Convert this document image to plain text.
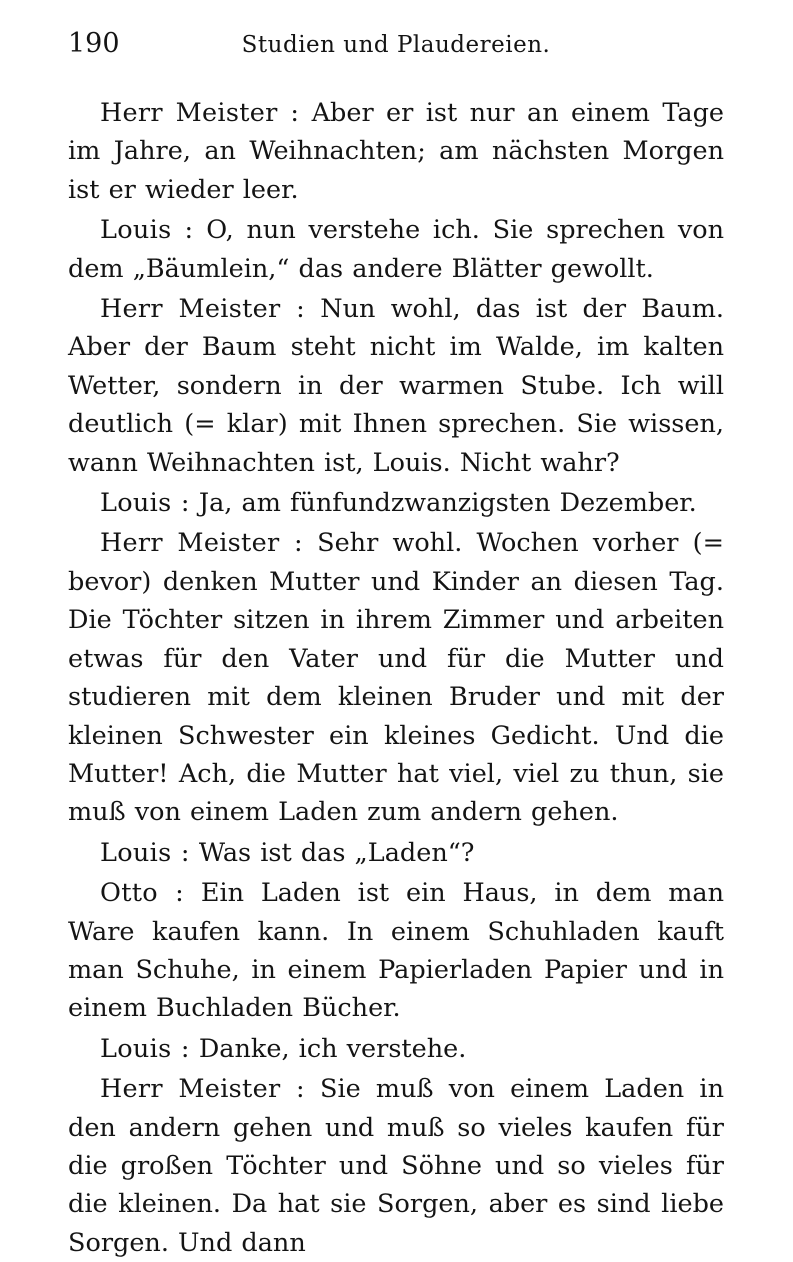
190	Studien und Plaudereien.

Herr Meister : Aber er ist nur an einem Tage im Jahre, an Weihnachten; am nächsten Morgen ist er wieder leer.

Louis : O, nun verstehe ich. Sie sprechen von dem „Bäumlein,“ das andere Blätter gewollt.

Herr Meister : Nun wohl, das ist der Baum. Aber der Baum steht nicht im Walde, im kalten Wetter, sondern in der warmen Stube. Ich will deutlich (= klar) mit Ihnen sprechen. Sie wissen, wann Weihnachten ist, Louis. Nicht wahr?

Louis : Ja, am fünfundzwanzigsten Dezember.

Herr Meister : Sehr wohl. Wochen vorher (= bevor) denken Mutter und Kinder an diesen Tag. Die Töchter sitzen in ihrem Zimmer und arbeiten etwas für den Vater und für die Mutter und studieren mit dem kleinen Bruder und mit der kleinen Schwester ein kleines Gedicht. Und die Mutter! Ach, die Mutter hat viel, viel zu thun, sie muß von einem Laden zum andern gehen.

Louis : Was ist das „Laden“?

Otto : Ein Laden ist ein Haus, in dem man Ware kaufen kann. In einem Schuhladen kauft man Schuhe, in einem Papierladen Papier und in einem Buchladen Bücher.

Louis : Danke, ich verstehe.

Herr Meister : Sie muß von einem Laden in den andern gehen und muß so vieles kaufen für die großen Töchter und Söhne und so vieles für die kleinen. Da hat sie Sorgen, aber es sind liebe Sorgen. Und dann
